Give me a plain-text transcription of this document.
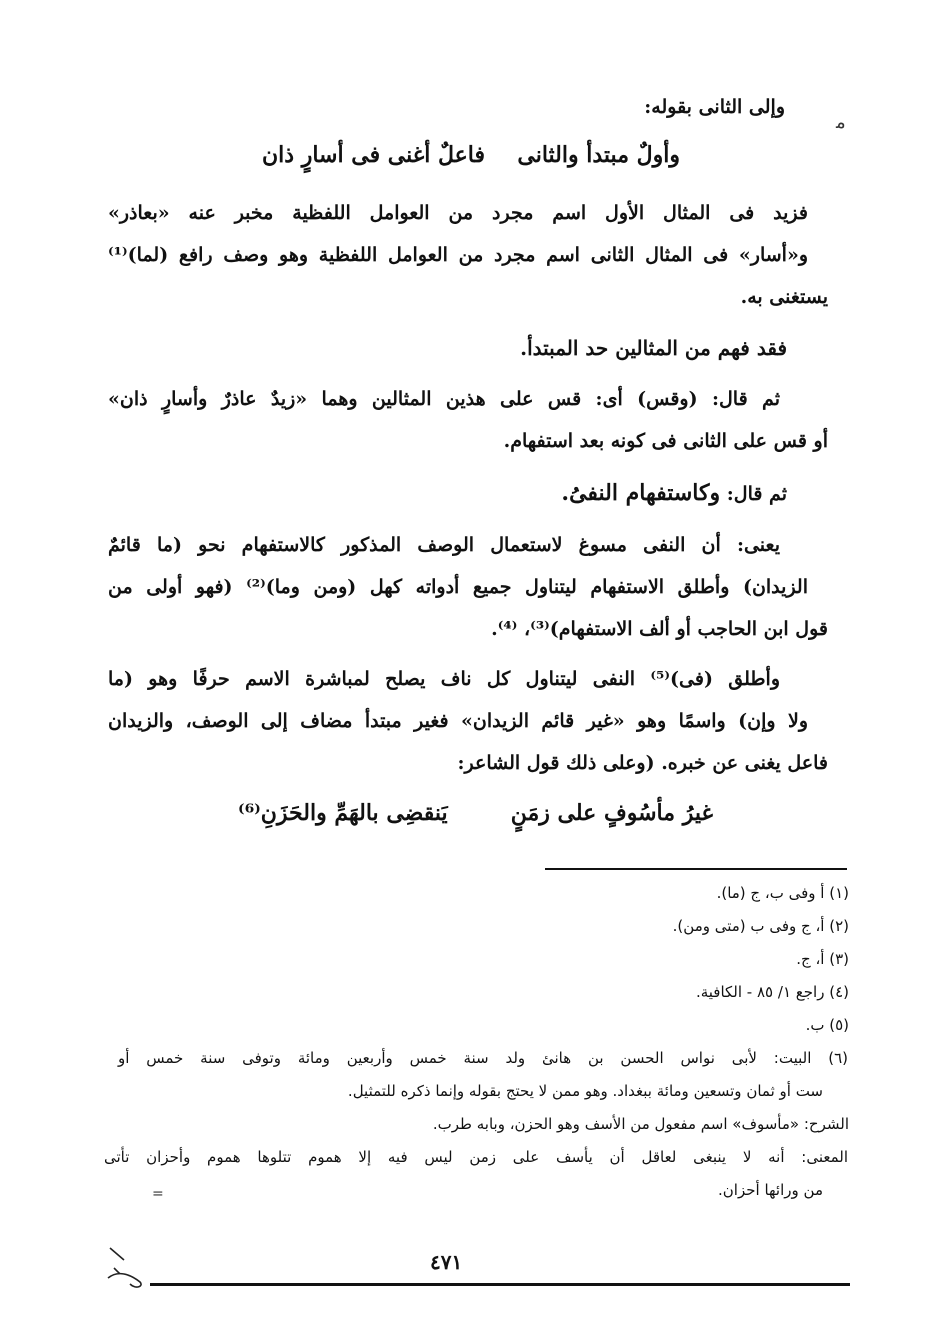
ﻣ
وإلى الثانى بقوله:
وأولٌ مبتدأ والثانى
فاعلٌ أغنى فى أسارٍ ذان
فزيد فى المثال الأول اسم مجرد من العوامل اللفظية مخبر عنه «بعاذر»
و«أسار» فى المثال الثانى اسم مجرد من العوامل اللفظية وهو وصف رافع (لما)⁽¹⁾
يستغنى به.
فقد فهم من المثالين حد المبتدأ.
ثم قال: (وقس) أى: قس على هذين المثالين وهما «زيدٌ عاذرٌ وأسارٍ ذان»
أو قس على الثانى فى كونه بعد استفهام.
ثم قال: وكاستفهام النفىُ.
يعنى: أن النفى مسوغ لاستعمال الوصف المذكور كالاستفهام نحو (ما قائمٌ
الزيدان) وأطلق الاستفهام ليتناول جميع أدواته كهل (ومن وما)⁽²⁾ (فهو أولى من
قول ابن الحاجب أو ألف الاستفهام)⁽³⁾، ⁽⁴⁾.
وأطلق (فى)⁽⁵⁾ النفى ليتناول كل ناف يصلح لمباشرة الاسم حرفًا وهو (ما
ولا وإن) واسمًا وهو «غير قائم الزيدان» فغير مبتدأ مضاف إلى الوصف، والزيدان
فاعل يغنى عن خبره. (وعلى ذلك قول الشاعر:
غيرُ مأسُوفٍ على زمَنٍ
يَنقضِى بالهَمِّ والحَزَنِ⁽⁶⁾
(١) أ وفى ب، ج (ما).
(٢) أ، ج وفى ب (متى ومن).
(٣) أ، ج.
(٤) راجع ١/ ٨٥ - الكافية.
(٥) ب.
(٦) البيت: لأبى نواس الحسن بن هانئ ولد سنة خمس وأربعين ومائة وتوفى سنة خمس أو
ست أو ثمان وتسعين ومائة ببغداد. وهو ممن لا يحتج بقوله وإنما ذكره للتمثيل.
الشرح: «مأسوف» اسم مفعول من الأسف وهو الحزن، وبابه طرب.
المعنى: أنه لا ينبغى لعاقل أن يأسف على زمن ليس فيه إلا هموم تتلوها هموم وأحزان تأتى
من ورائها أحزان.
=
٤٧١
